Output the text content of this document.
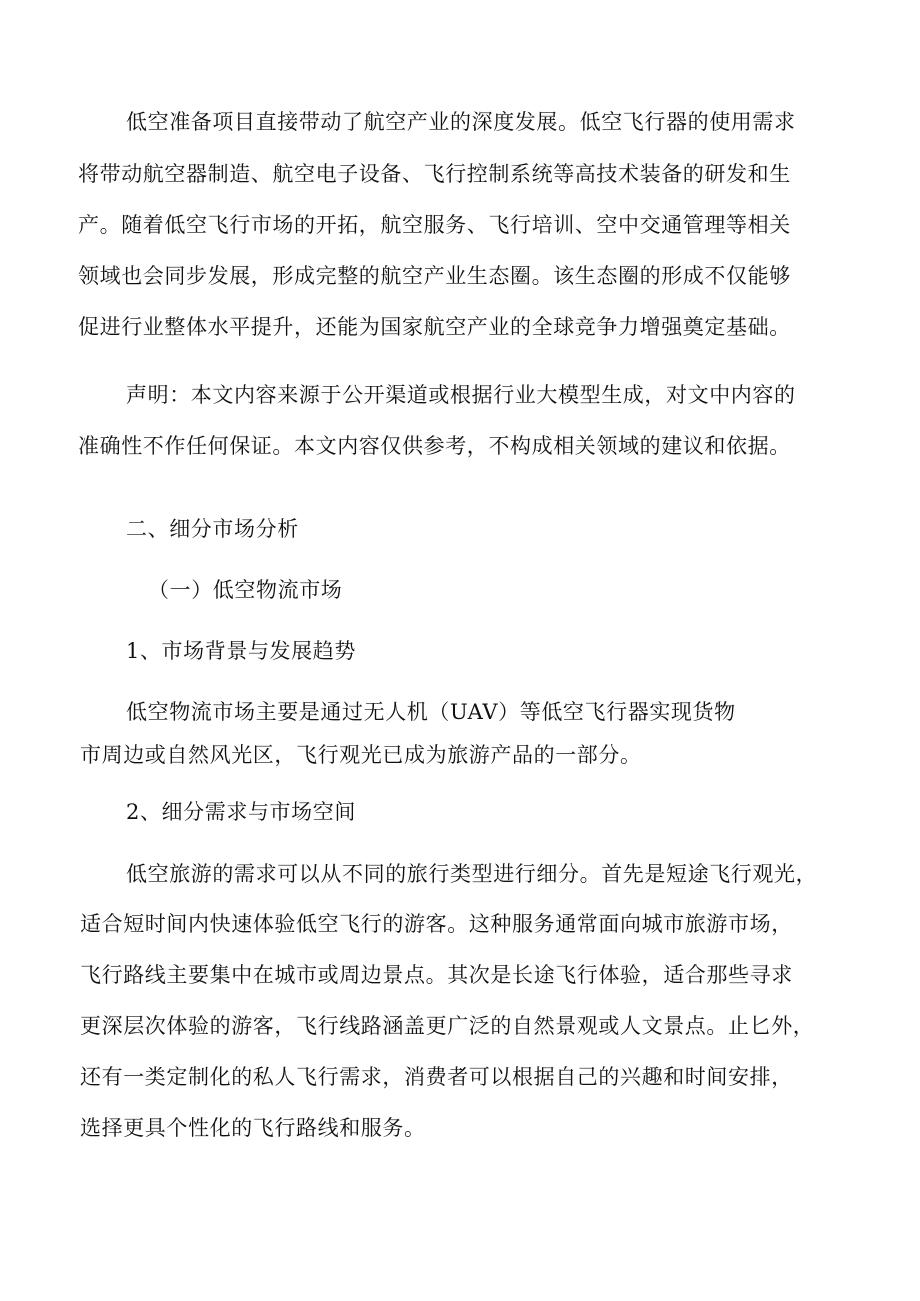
低空准备项目直接带动了航空产业的深度发展。低空飞行器的使用需求
将带动航空器制造、航空电子设备、飞行控制系统等高技术装备的研发和生
产。随着低空飞行市场的开拓，航空服务、飞行培训、空中交通管理等相关
领域也会同步发展，形成完整的航空产业生态圈。该生态圈的形成不仅能够
促进行业整体水平提升，还能为国家航空产业的全球竞争力增强奠定基础。
声明：本文内容来源于公开渠道或根据行业大模型生成，对文中内容的
准确性不作任何保证。本文内容仅供参考，不构成相关领域的建议和依据。
二、细分市场分析
（一）低空物流市场
1、市场背景与发展趋势
低空物流市场主要是通过无人机（UAV）等低空飞行器实现货物
市周边或自然风光区，飞行观光已成为旅游产品的一部分。
2、细分需求与市场空间
低空旅游的需求可以从不同的旅行类型进行细分。首先是短途飞行观光，
适合短时间内快速体验低空飞行的游客。这种服务通常面向城市旅游市场，
飞行路线主要集中在城市或周边景点。其次是长途飞行体验，适合那些寻求
更深层次体验的游客，飞行线路涵盖更广泛的自然景观或人文景点。止匕外，
还有一类定制化的私人飞行需求，消费者可以根据自己的兴趣和时间安排，
选择更具个性化的飞行路线和服务。
